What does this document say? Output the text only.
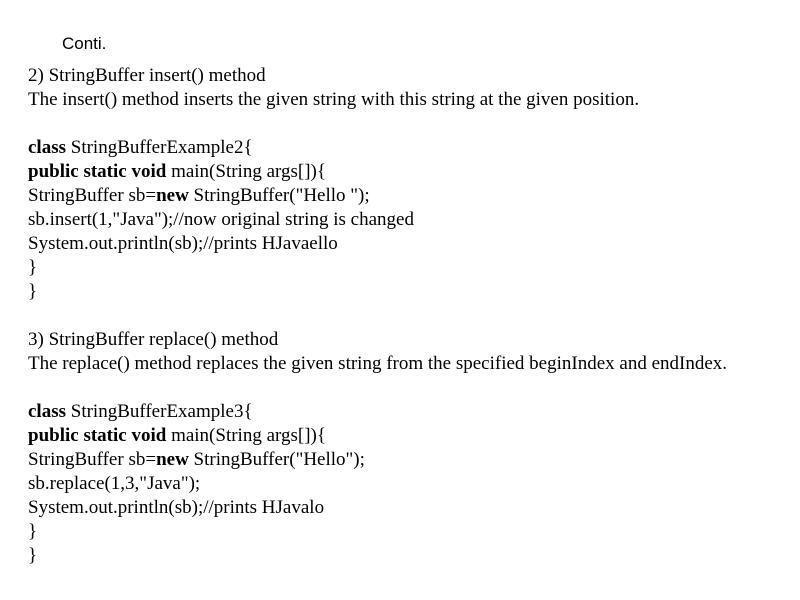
Conti.
2) StringBuffer insert() method
The insert() method inserts the given string with this string at the given position.
class StringBufferExample2{
public static void main(String args[]){
StringBuffer sb=new StringBuffer("Hello ");
sb.insert(1,"Java");//now original string is changed
System.out.println(sb);//prints HJavaello
}
}
3) StringBuffer replace() method
The replace() method replaces the given string from the specified beginIndex and endIndex.
class StringBufferExample3{
public static void main(String args[]){
StringBuffer sb=new StringBuffer("Hello");
sb.replace(1,3,"Java");
System.out.println(sb);//prints HJavalo
}
}
